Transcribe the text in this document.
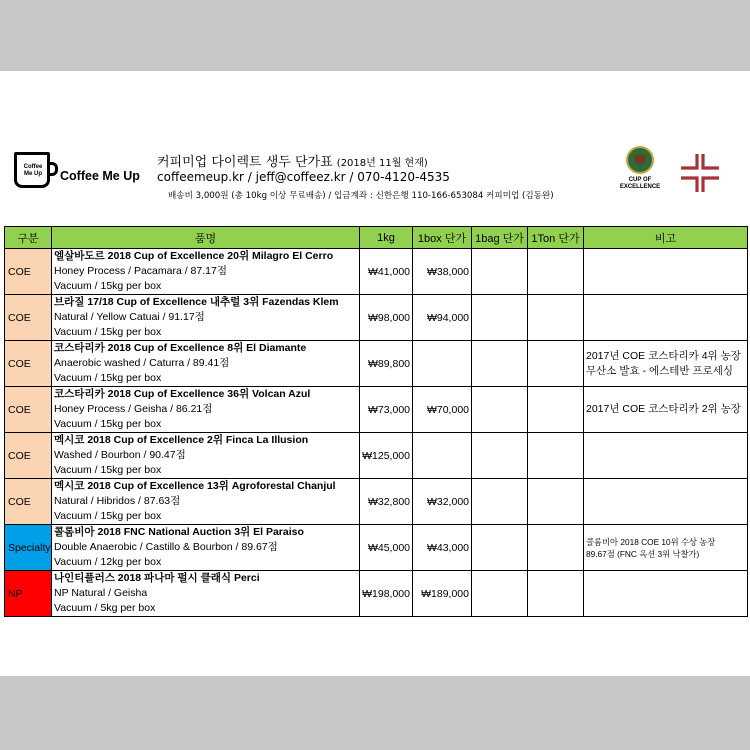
Coffee Me Up	Coffee Me Up
커피미업 다이렉트 생두 단가표 (2018년 11월 현재)
coffeemeup.kr / jeff@coffeez.kr / 070-4120-4535
배송비 3,000원 (총 10kg 이상 무료배송) / 입금계좌 : 신한은행 110-166-653084 커피미업 (김동완)
CUP OF EXCELLENCE
구분	품명	1kg	1box 단가	1bag 단가	1Ton 단가	비고
COE	엘살바도르 2018 Cup of Excellence 20위 Milagro El Cerro
Honey Process / Pacamara / 87.17점
Vacuum / 15kg per box	₩41,000	₩38,000			

COE	브라질 17/18 Cup of Excellence 내추럴 3위 Fazendas Klem
Natural / Yellow Catuai / 91.17점
Vacuum / 15kg per box	₩98,000	₩94,000			

COE	코스타리카 2018 Cup of Excellence 8위 El Diamante
Anaerobic washed / Caturra / 89.41점
Vacuum / 15kg per box	₩89,800				2017년 COE 코스타리카 4위 농장
무산소 발효 - 에스테반 프로세싱

COE	코스타리카 2018 Cup of Excellence 36위 Volcan Azul
Honey Process / Geisha / 86.21점
Vacuum / 15kg per box	₩73,000	₩70,000			2017년 COE 코스타리카 2위 농장

COE	멕시코 2018 Cup of Excellence 2위 Finca La Illusion
Washed / Bourbon / 90.47점
Vacuum / 15kg per box	₩125,000				

COE	멕시코 2018 Cup of Excellence 13위 Agroforestal Chanjul
Natural / Hibridos / 87.63점
Vacuum / 15kg per box	₩32,800	₩32,000			

Specialty	콜롬비아 2018 FNC National Auction 3위 El Paraiso
Double Anaerobic / Castillo & Bourbon / 89.67점
Vacuum / 12kg per box	₩45,000	₩43,000			콜롬비아 2018 COE 10위 수상 농장
89.67점 (FNC 옥션 3위 낙찰가)

NP	나인티플러스 2018 파나마 펄시 클래식 Perci
NP Natural / Geisha
Vacuum / 5kg per box	₩198,000	₩189,000			
